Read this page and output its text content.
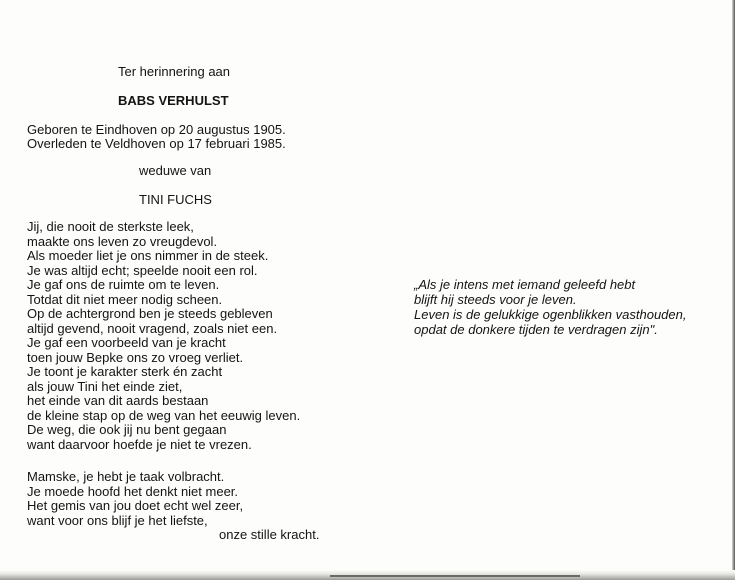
Ter herinnering aan
BABS VERHULST
Geboren te Eindhoven op 20 augustus 1905.
Overleden te Veldhoven op 17 februari 1985.
weduwe van
TINI FUCHS
Jij, die nooit de sterkste leek,
maakte ons leven zo vreugdevol.
Als moeder liet je ons nimmer in de steek.
Je was altijd echt; speelde nooit een rol.
Je gaf ons de ruimte om te leven.
Totdat dit niet meer nodig scheen.
Op de achtergrond ben je steeds gebleven
altijd gevend, nooit vragend, zoals niet een.
Je gaf een voorbeeld van je kracht
toen jouw Bepke ons zo vroeg verliet.
Je toont je karakter sterk én zacht
als jouw Tini het einde ziet,
het einde van dit aards bestaan
de kleine stap op de weg van het eeuwig leven.
De weg, die ook jij nu bent gegaan
want daarvoor hoefde je niet te vrezen.
Mamske, je hebt je taak volbracht.
Je moede hoofd het denkt niet meer.
Het gemis van jou doet echt wel zeer,
want voor ons blijf je het liefste,
onze stille kracht.
„Als je intens met iemand geleefd hebt
blijft hij steeds voor je leven.
Leven is de gelukkige ogenblikken vasthouden,
opdat de donkere tijden te verdragen zijn".
